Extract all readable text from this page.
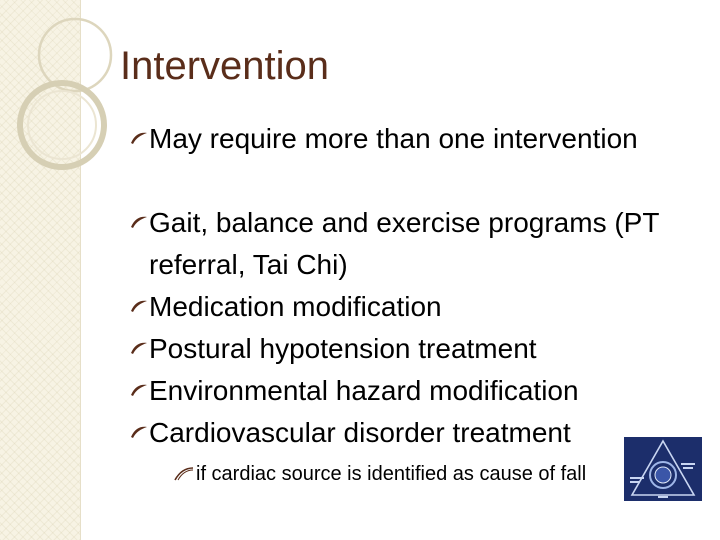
Intervention
May require more than one intervention
Gait, balance and exercise programs (PT referral, Tai Chi)
Medication modification
Postural hypotension treatment
Environmental hazard modification
Cardiovascular disorder treatment
if cardiac source is identified as cause of fall
